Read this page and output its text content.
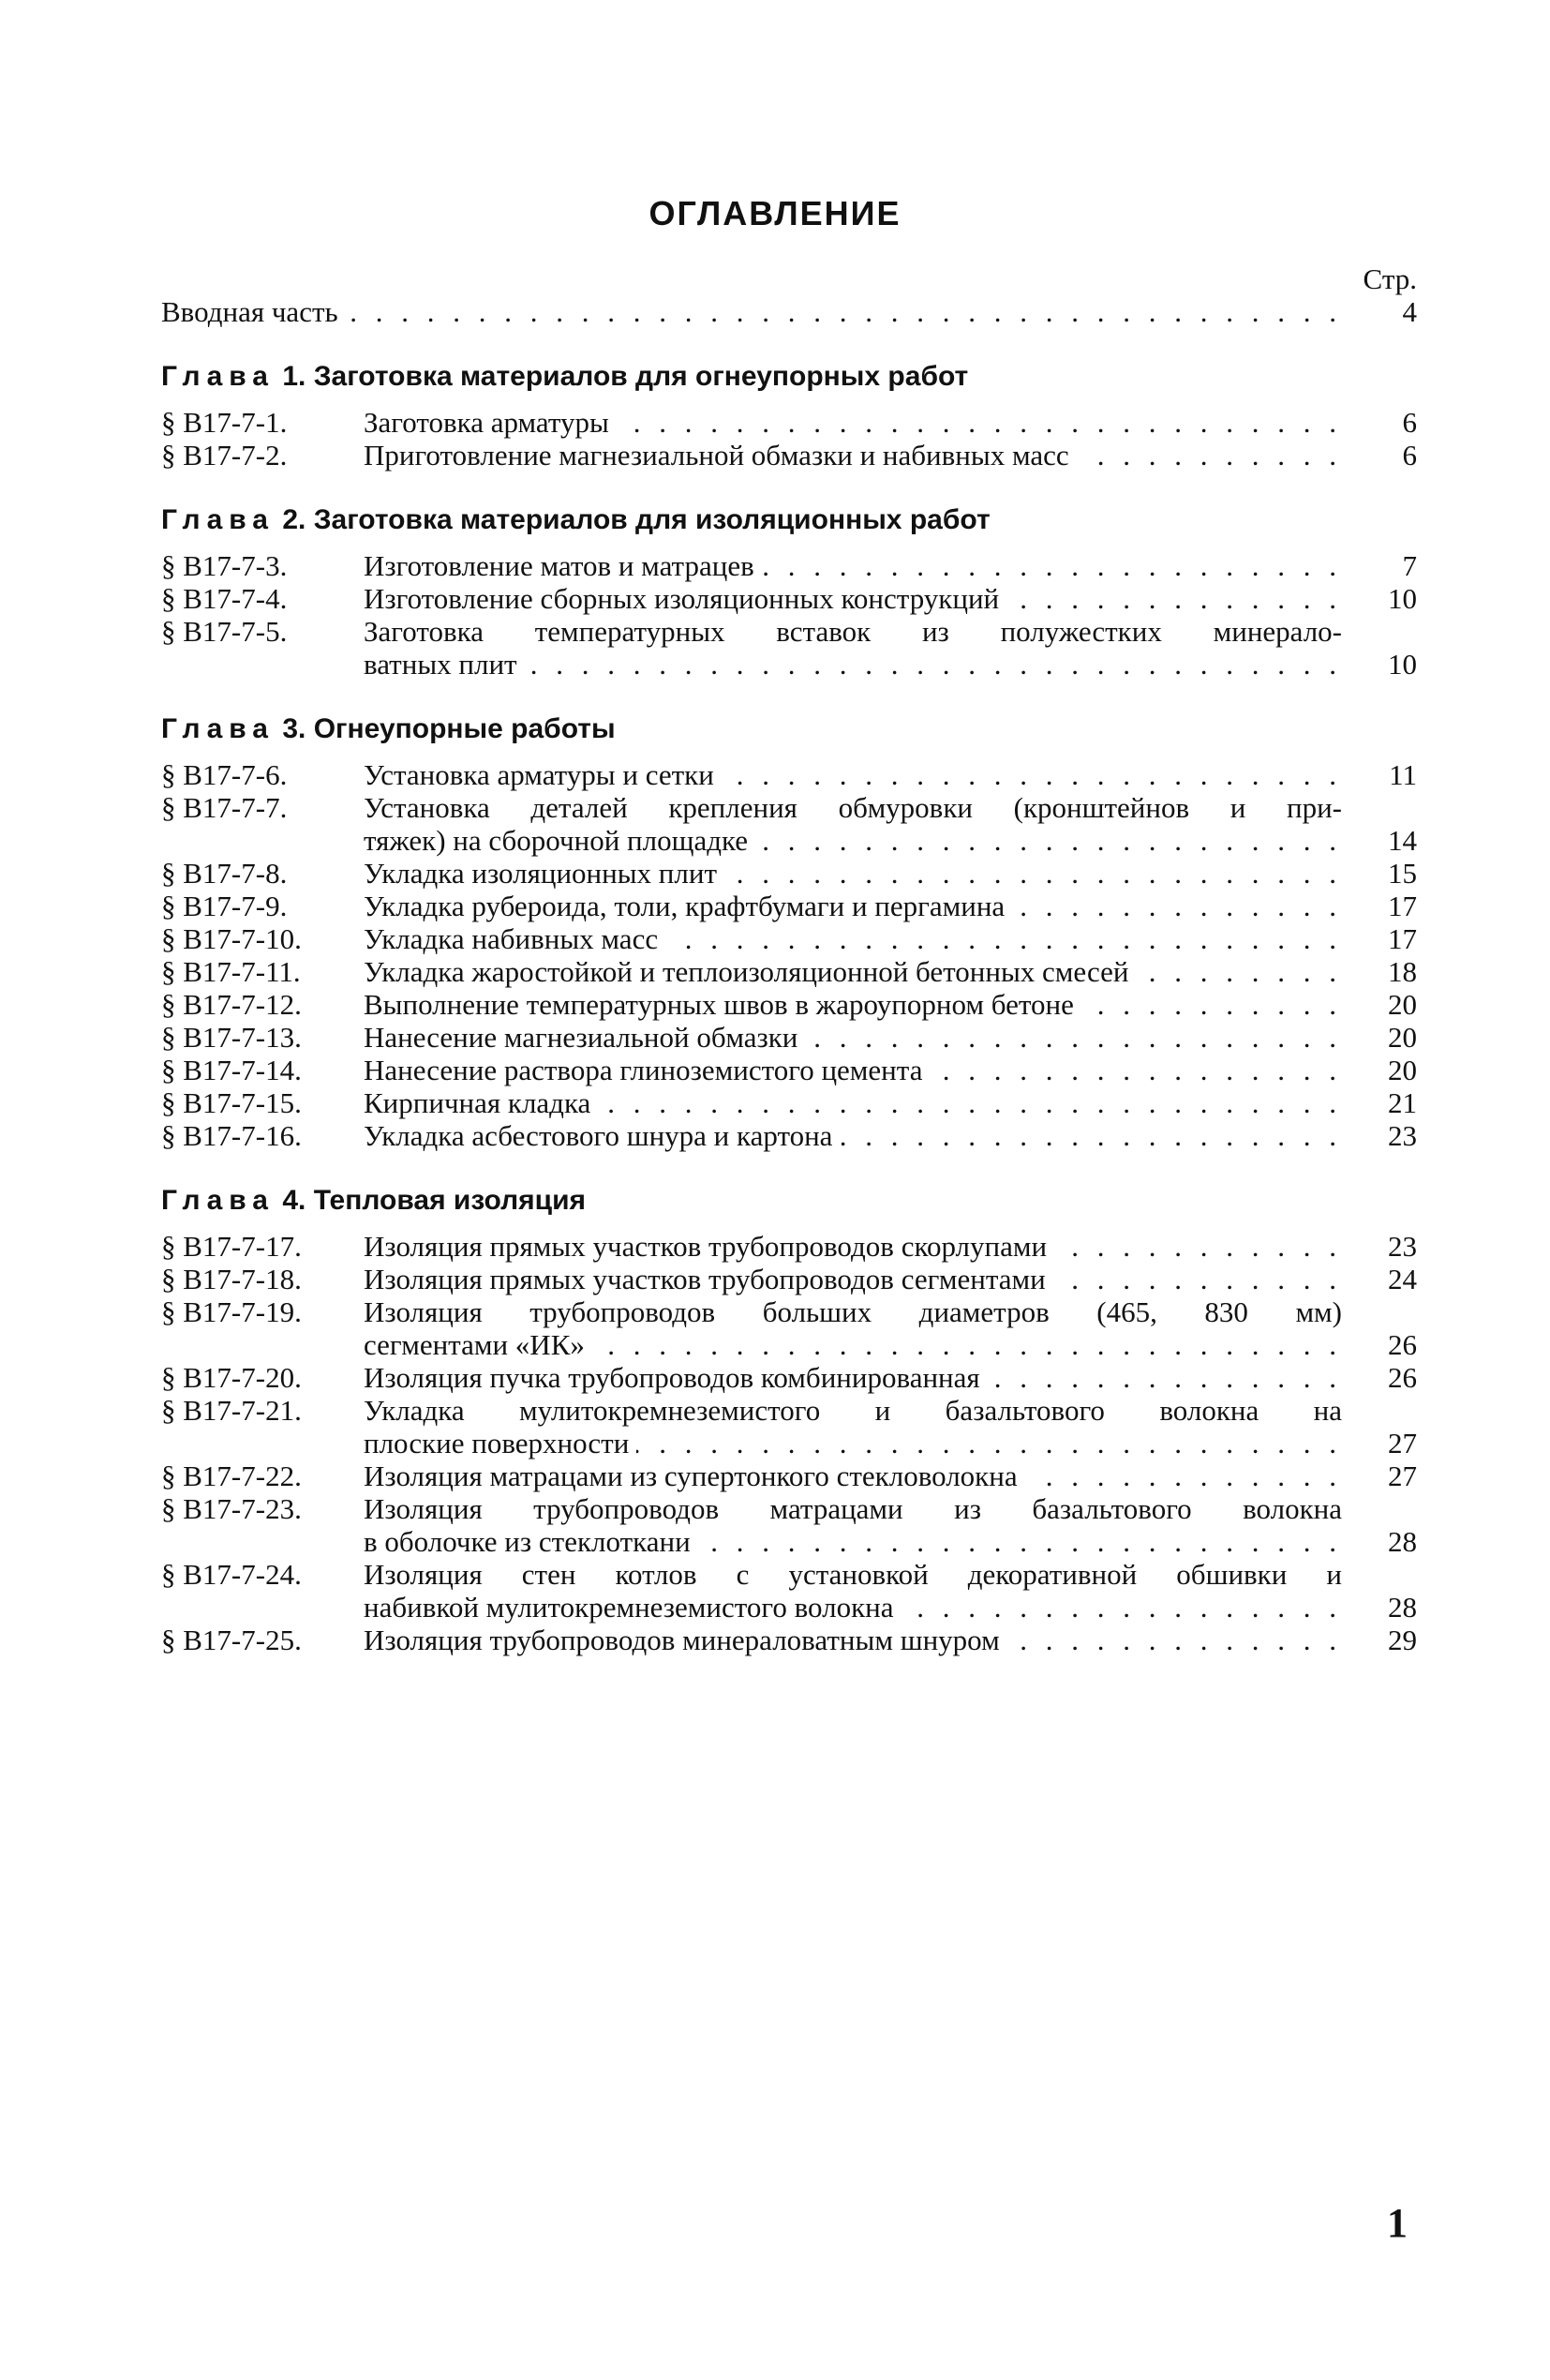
ОГЛАВЛЕНИЕ
Стр.
Вводная часть . . .	4
Глава 1. Заготовка материалов для огнеупорных работ
§ В17-7-1.	Заготовка арматуры . . .	6
§ В17-7-2.	Приготовление магнезиальной обмазки и набивных масс . . .	6
Глава 2. Заготовка материалов для изоляционных работ
§ В17-7-3.	Изготовление матов и матрацев . . .	7
§ В17-7-4.	Изготовление сборных изоляционных конструкций . . .	10
§ В17-7-5.	Заготовка температурных вставок из полужестких минерало-
ватных плит . . .	10
Глава 3. Огнеупорные работы
§ В17-7-6.	Установка арматуры и сетки . . .	11
§ В17-7-7.	Установка деталей крепления обмуровки (кронштейнов и при-
тяжек) на сборочной площадке . . .	14
§ В17-7-8.	Укладка изоляционных плит . . .	15
§ В17-7-9.	Укладка рубероида, толи, крафтбумаги и пергамина . . .	17
§ В17-7-10.	Укладка набивных масс . . .	17
§ В17-7-11.	Укладка жаростойкой и теплоизоляционной бетонных смесей . . .	18
§ В17-7-12.	Выполнение температурных швов в жароупорном бетоне . . .	20
§ В17-7-13.	Нанесение магнезиальной обмазки . . .	20
§ В17-7-14.	Нанесение раствора глиноземистого цемента . . .	20
§ В17-7-15.	Кирпичная кладка . . .	21
§ В17-7-16.	Укладка асбестового шнура и картона . . .	23
Глава 4. Тепловая изоляция
§ В17-7-17.	Изоляция прямых участков трубопроводов скорлупами . . .	23
§ В17-7-18.	Изоляция прямых участков трубопроводов сегментами . . .	24
§ В17-7-19.	Изоляция трубопроводов больших диаметров (465, 830 мм)
сегментами «ИК» . . .	26
§ В17-7-20.	Изоляция пучка трубопроводов комбинированная . . .	26
§ В17-7-21.	Укладка мулитокремнеземистого и базальтового волокна на
плоские поверхности . . .	27
§ В17-7-22.	Изоляция матрацами из супертонкого стекловолокна . . .	27
§ В17-7-23.	Изоляция трубопроводов матрацами из базальтового волокна
в оболочке из стеклоткани . . .	28
§ В17-7-24.	Изоляция стен котлов с установкой декоративной обшивки и
набивкой мулитокремнеземистого волокна . . .	28
§ В17-7-25.	Изоляция трубопроводов минераловатным шнуром . . .	29
1
